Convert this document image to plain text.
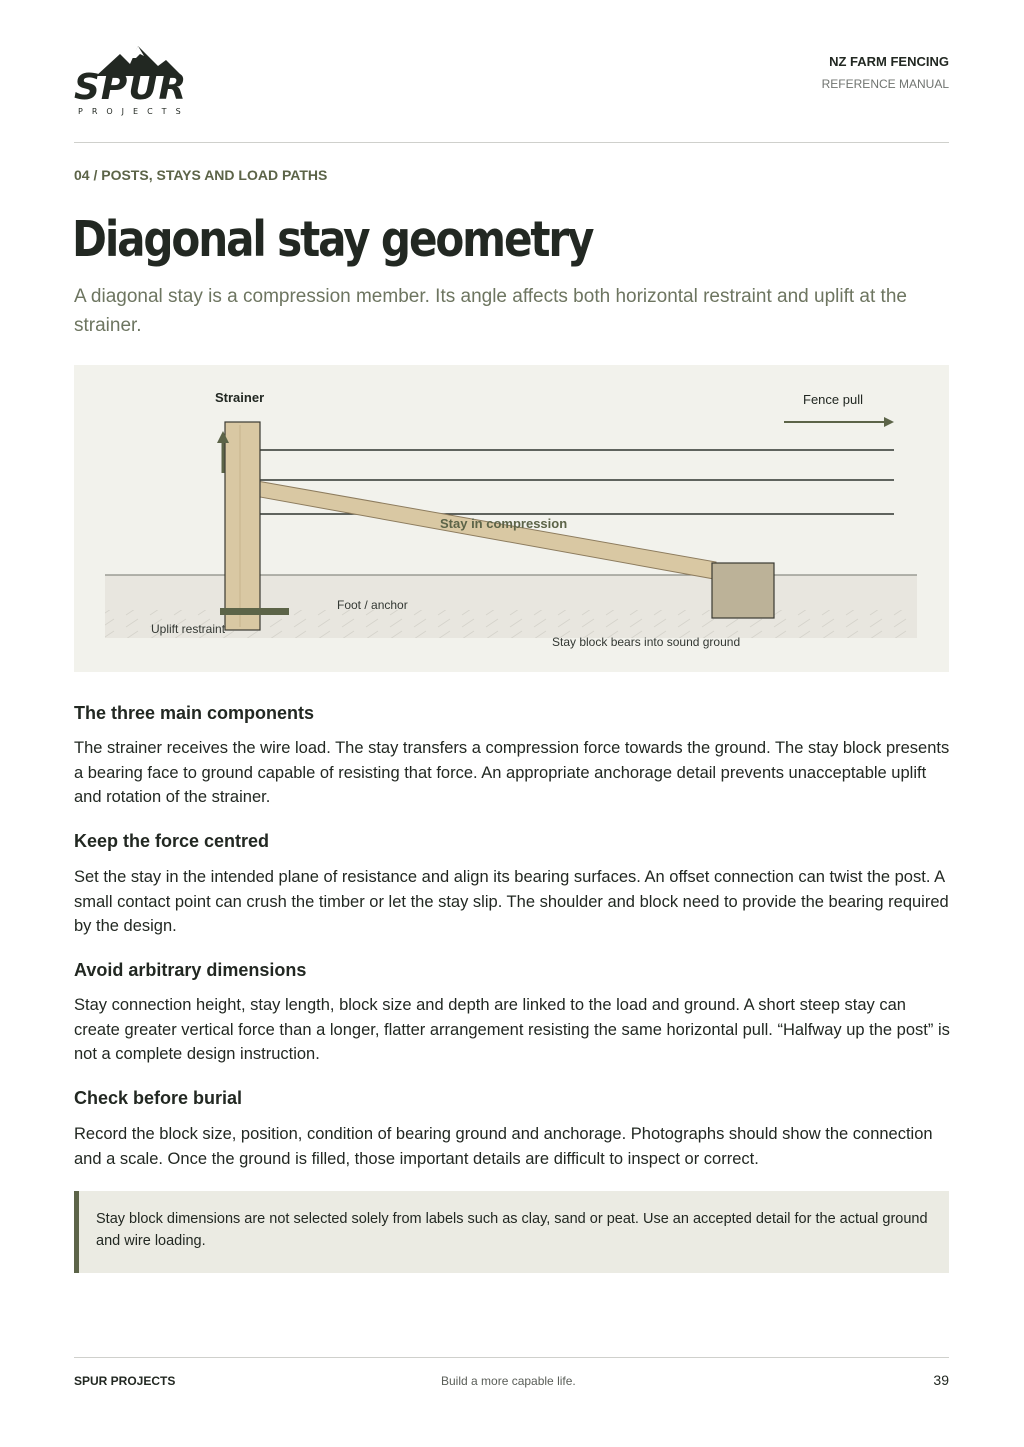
SPUR
PROJECTS
NZ FARM FENCING
REFERENCE MANUAL
04 / POSTS, STAYS AND LOAD PATHS
Diagonal stay geometry

A diagonal stay is a compression member. Its angle affects both horizontal restraint and uplift at the strainer.

Strainer	Fence pull
Stay in compression
Foot / anchor
Uplift restraint
Stay block bears into sound ground
The three main components

The strainer receives the wire load. The stay transfers a compression force towards the ground. The stay block presents a bearing face to ground capable of resisting that force. An appropriate anchorage detail prevents unacceptable uplift and rotation of the strainer.

Keep the force centred

Set the stay in the intended plane of resistance and align its bearing surfaces. An offset connection can twist the post. A small contact point can crush the timber or let the stay slip. The shoulder and block need to provide the bearing required by the design.

Avoid arbitrary dimensions

Stay connection height, stay length, block size and depth are linked to the load and ground. A short steep stay can create greater vertical force than a longer, flatter arrangement resisting the same horizontal pull. “Halfway up the post” is not a complete design instruction.

Check before burial

Record the block size, position, condition of bearing ground and anchorage. Photographs should show the connection and a scale. Once the ground is filled, those important details are difficult to inspect or correct.

Stay block dimensions are not selected solely from labels such as clay, sand or peat. Use an accepted detail for the actual ground and wire loading.

SPUR PROJECTS	Build a more capable life.	39
